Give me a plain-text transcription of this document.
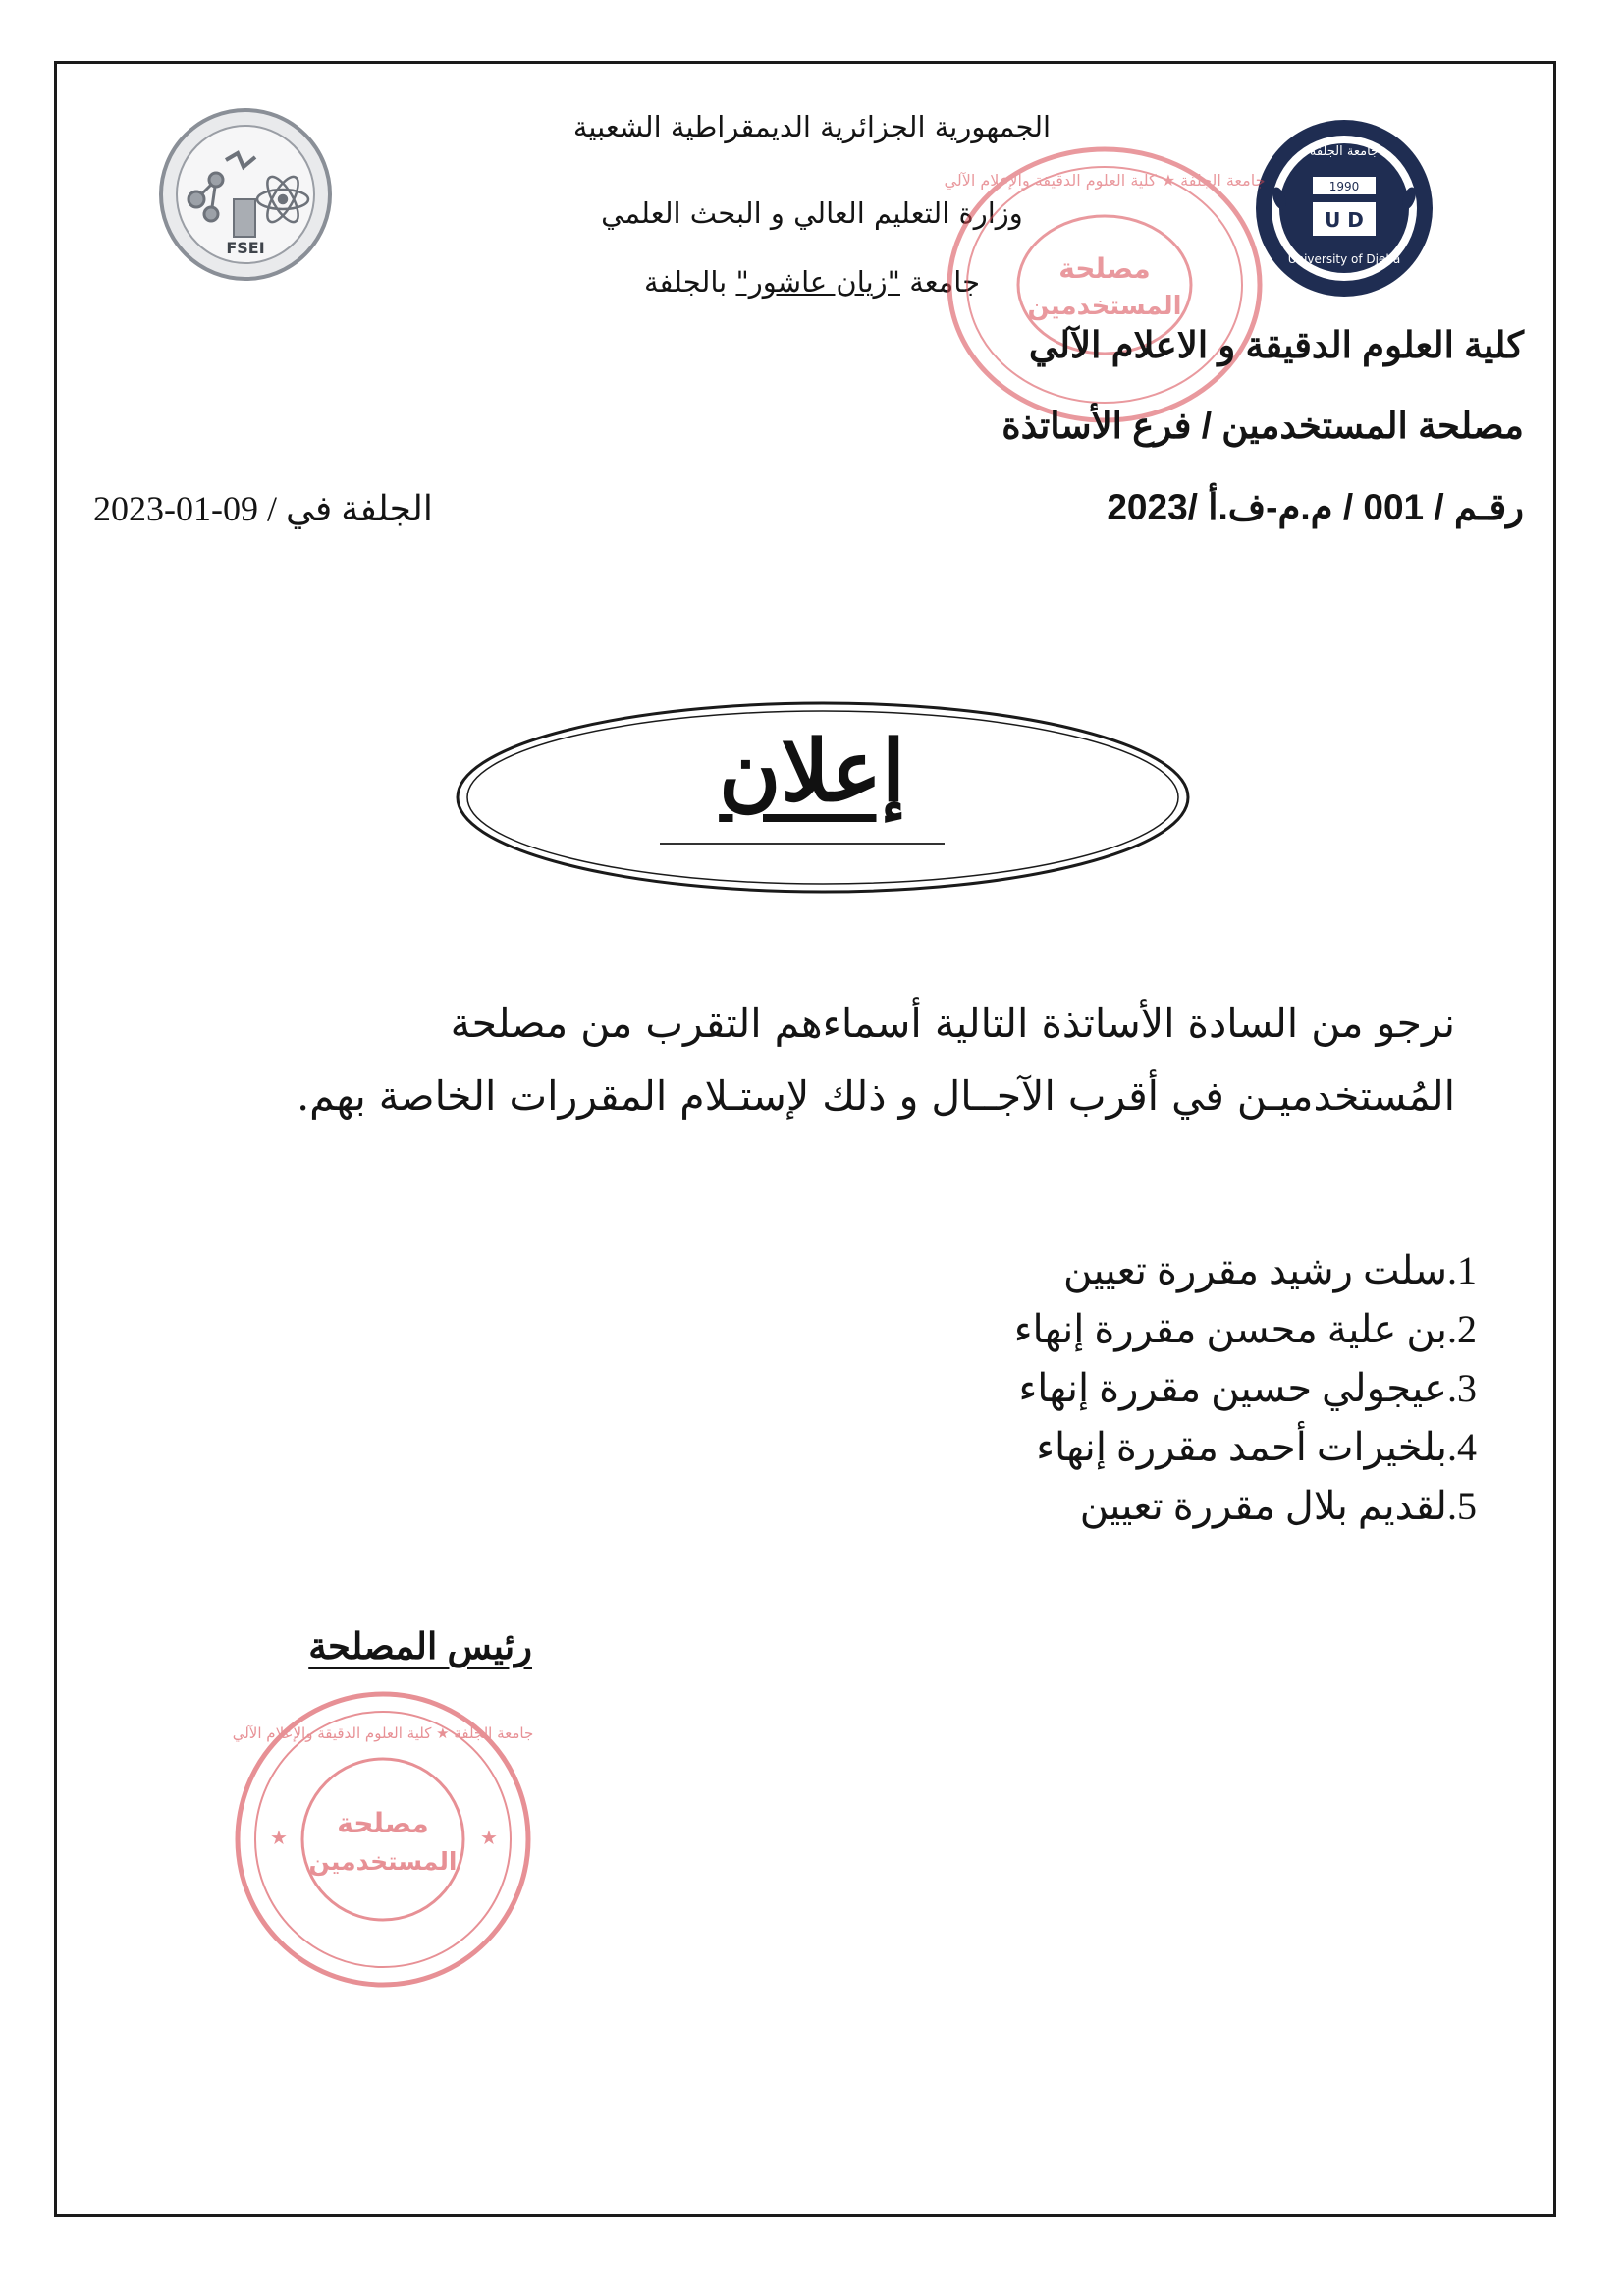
FSEI
1990
U D
University of Djelfa
جامعة الجلفة
الجمهورية الجزائرية الديمقراطية الشعبية
وزارة التعليم العالي و البحث العلمي
جامعة "زيان عاشور" بالجلفة	مصلحة
المستخدمين
جامعة الجلفة ★ كلية العلوم الدقيقة والإعلام الآلي
كلية العلوم الدقيقة و الاعلام الآلي
مصلحة المستخدمين / فرع الأساتذة
رقـم / 001 / م.م-ف.أ /2023
الجلفة في / 09-01-2023
إعلان
نرجو من السادة الأساتذة التالية أسماءهم التقرب من مصلحة
المُستخدميـن في أقرب الآجــال و ذلك لإستـلام المقررات الخاصة بهم.
1.سلت رشيد مقررة تعيين
2.بن علية محسن مقررة إنهاء
3.عيجولي حسين مقررة إنهاء
4.بلخيرات أحمد مقررة إنهاء
5.لقديم بلال مقررة تعيين
رئيس المصلحة
مصلحة
المستخدمين
جامعة الجلفة ★ كلية العلوم الدقيقة والإعلام الآلي
★	★
